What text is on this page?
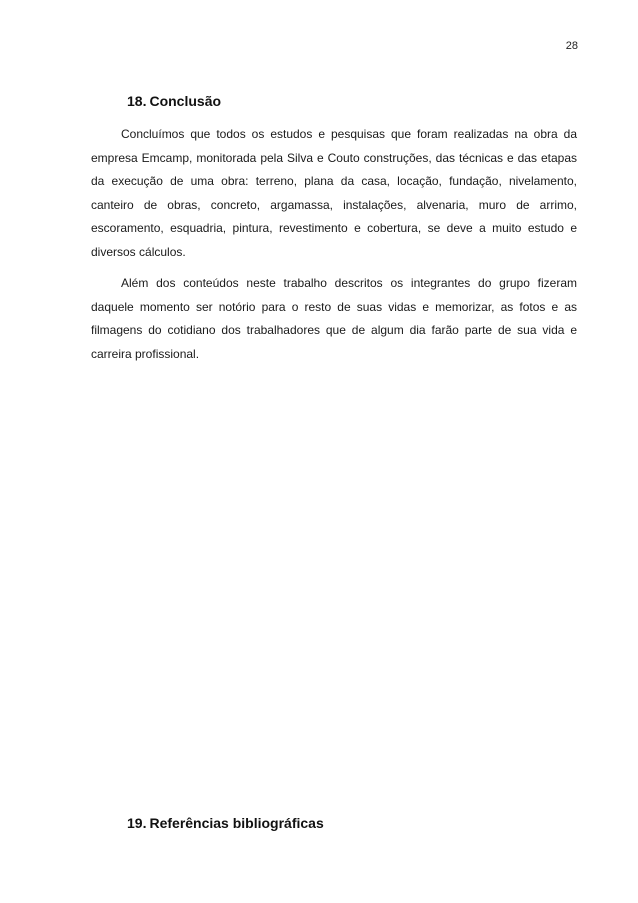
28
18. Conclusão

Concluímos que todos os estudos e pesquisas que foram realizadas na obra da empresa Emcamp, monitorada pela Silva e Couto construções, das técnicas e das etapas da execução de uma obra: terreno, plana da casa, locação, fundação, nivelamento, canteiro de obras, concreto, argamassa, instalações, alvenaria, muro de arrimo, escoramento, esquadria, pintura, revestimento e cobertura, se deve a muito estudo e diversos cálculos.

Além dos conteúdos neste trabalho descritos os integrantes do grupo fizeram daquele momento ser notório para o resto de suas vidas e memorizar, as fotos e as filmagens do cotidiano dos trabalhadores que de algum dia farão parte de sua vida e carreira profissional.

19. Referências bibliográficas
